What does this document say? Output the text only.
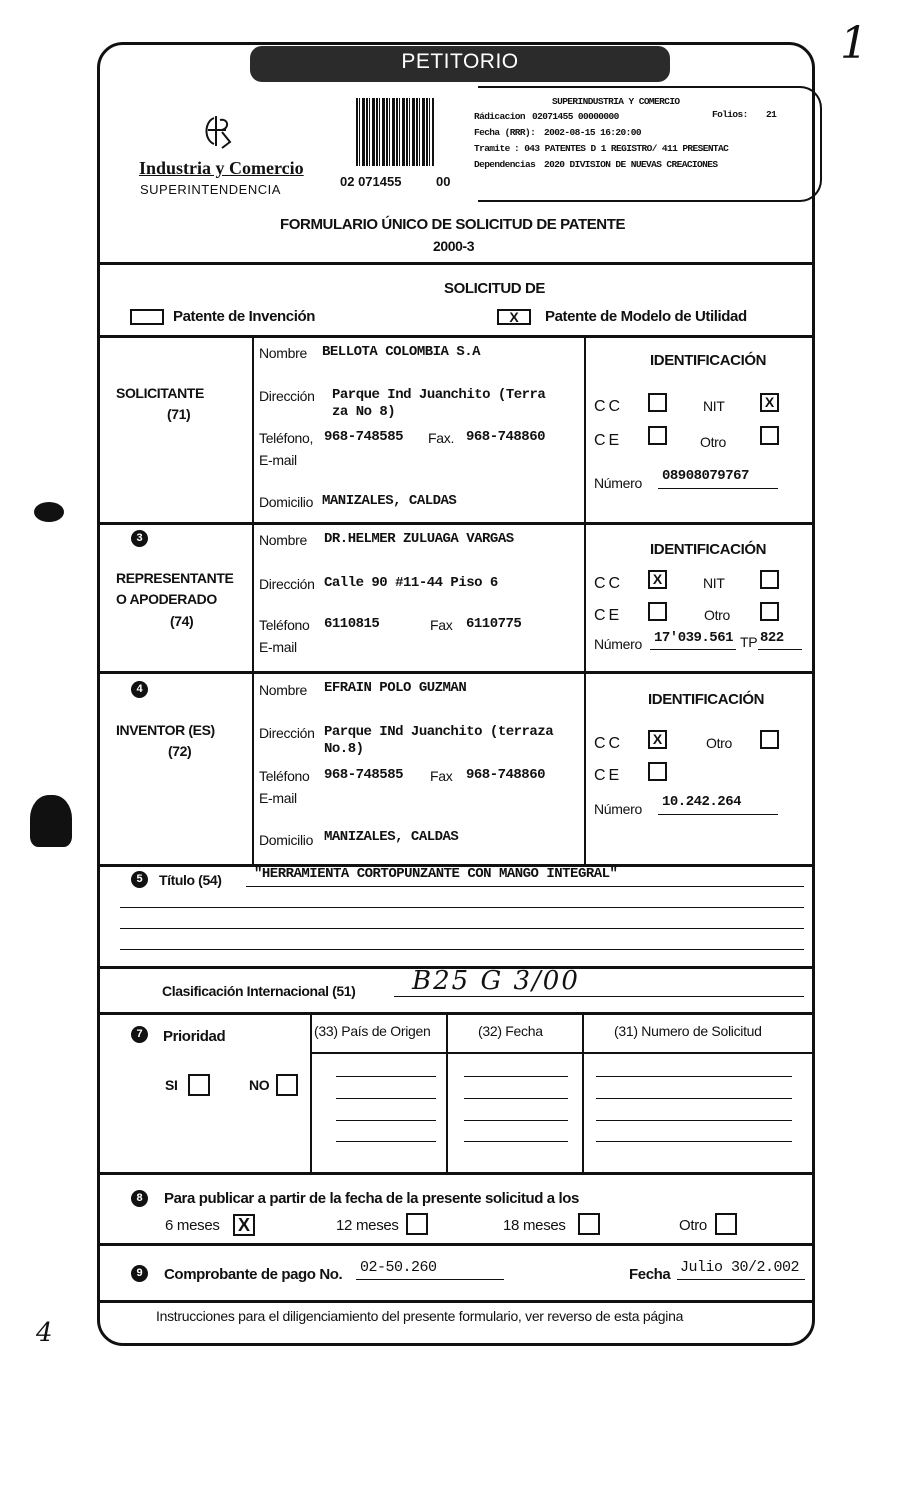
1
4
PETITORIO
Industria y Comercio
SUPERINTENDENCIA
02 071455	00
SUPERINDUSTRIA Y COMERCIO
Rádicacion 02071455 00000000	Folios: 21
Fecha (RRR): 2002-08-15 16:20:00
Tramite : 043 PATENTES D 1 REGISTRO/ 411 PRESENTAC
Dependencias 2020 DIVISION DE NUEVAS CREACIONES
FORMULARIO ÚNICO DE SOLICITUD DE PATENTE
2000-3
SOLICITUD DE
Patente de Invención	X	Patente de Modelo de Utilidad
SOLICITANTE
(71)
Nombre BELLOTA COLOMBIA S.A
Dirección Parque Ind Juanchito (Terra
za No 8)
Teléfono, 968-748585 Fax. 968-748860
E-mail
Domicilio MANIZALES, CALDAS
IDENTIFICACIÓN
CC	NIT	X
CE	Otro
Número 08908079767
3
REPRESENTANTE
O APODERADO
(74)
Nombre DR.HELMER ZULUAGA VARGAS
Dirección Calle 90 #11-44 Piso 6
Teléfono 6110815	Fax 6110775
E-mail
IDENTIFICACIÓN
CC	X	NIT
CE	Otro
Número 17'039.561 TP 822
4
INVENTOR (ES)
(72)
Nombre EFRAIN POLO GUZMAN
Dirección Parque INd Juanchito (terraza
No.8)
Teléfono 968-748585 Fax 968-748860
E-mail
Domicilio MANIZALES, CALDAS
IDENTIFICACIÓN
CC	X	Otro
CE
Número 10.242.264
5	Título (54) "HERRAMIENTA CORTOPUNZANTE CON MANGO INTEGRAL"
Clasificación Internacional (51) B25 G 3/00
7	Prioridad
SI	NO
(33) País de Origen	(32) Fecha	(31) Numero de Solicitud
8	Para publicar a partir de la fecha de la presente solicitud a los
6 meses X	12 meses	18 meses	Otro
9	Comprobante de pago No. 02-50.260	Fecha Julio 30/2.002
Instrucciones para el diligenciamiento del presente formulario, ver reverso de esta página
